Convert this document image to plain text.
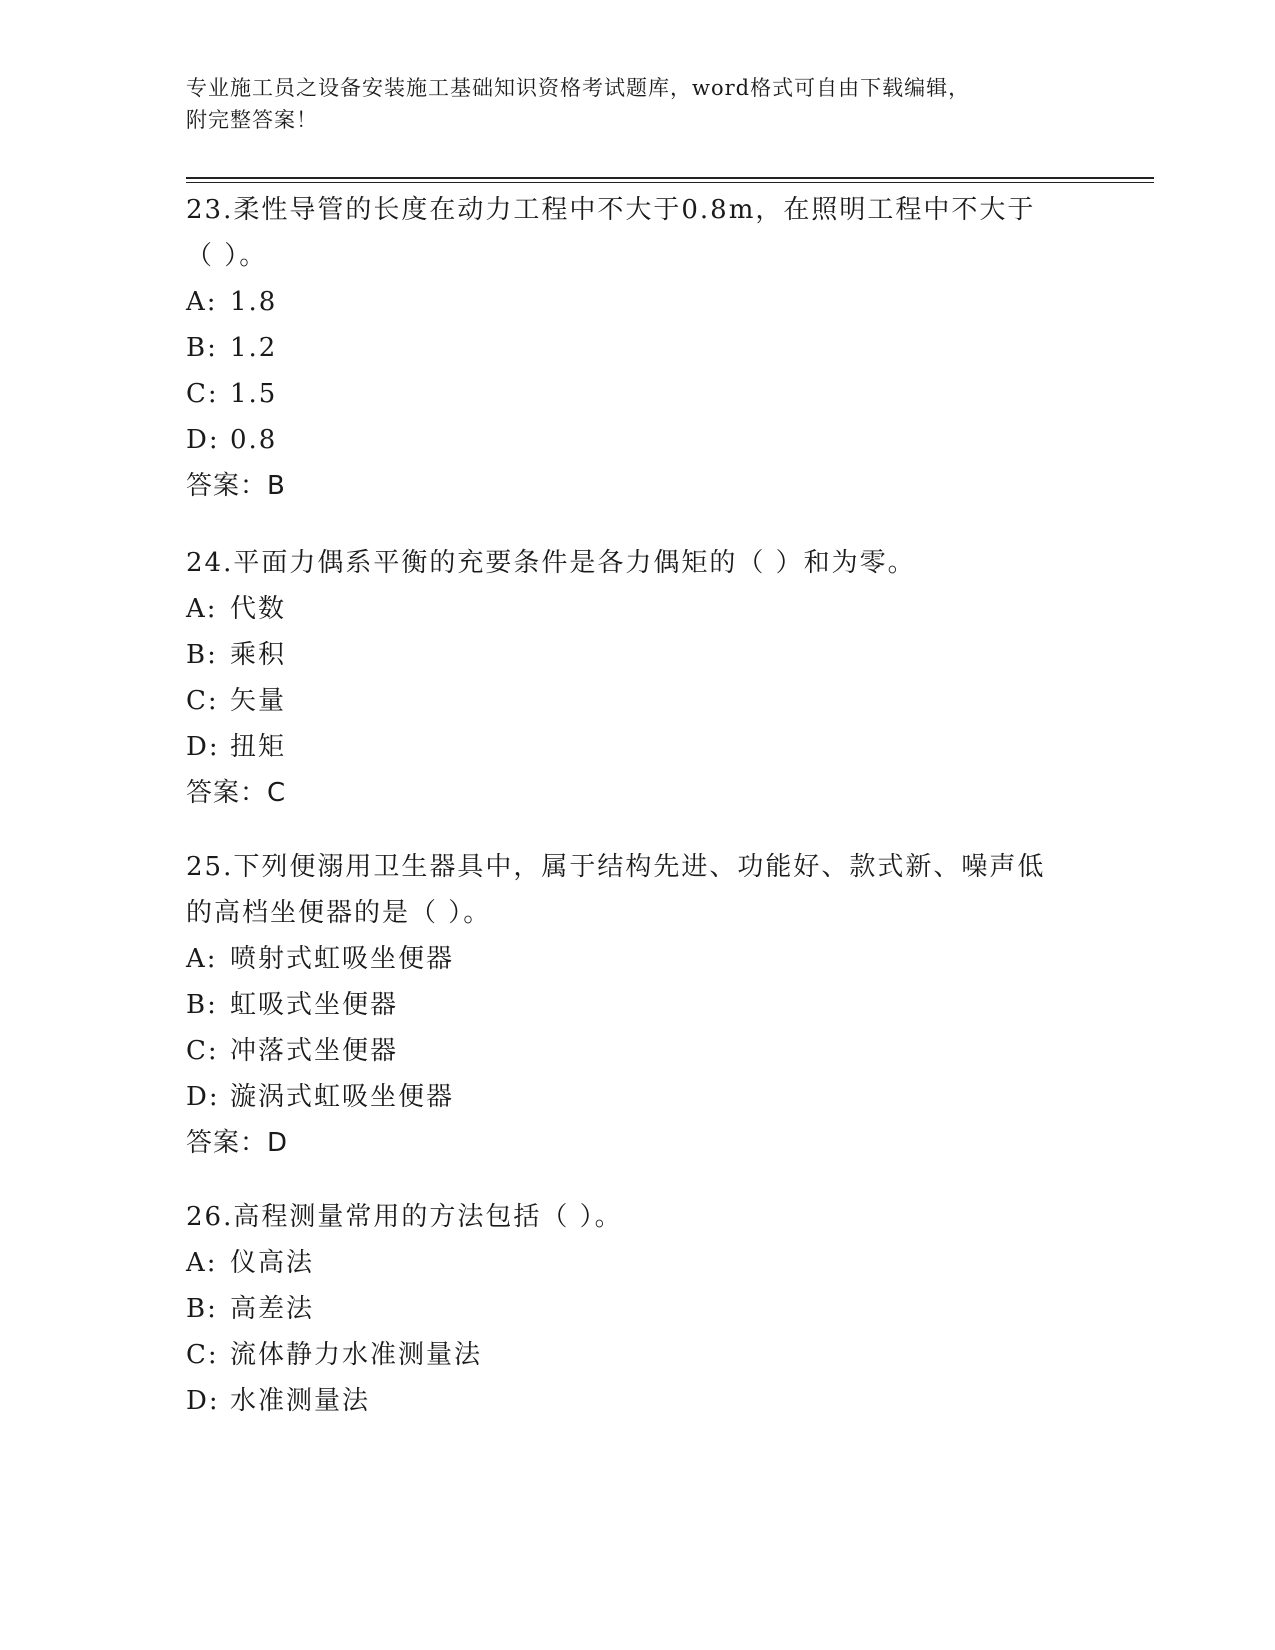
专业施工员之设备安装施工基础知识资格考试题库，word格式可自由下载编辑，
附完整答案！

23.柔性导管的长度在动力工程中不大于0.8m，在照明工程中不大于（ ）。

A: 1.8

B: 1.2

C: 1.5

D: 0.8

答案：B

24.平面力偶系平衡的充要条件是各力偶矩的（ ）和为零。

A: 代数

B: 乘积

C: 矢量

D: 扭矩

答案：C

25.下列便溺用卫生器具中，属于结构先进、功能好、款式新、噪声低的高档坐便器的是（ ）。

A: 喷射式虹吸坐便器

B: 虹吸式坐便器

C: 冲落式坐便器

D: 漩涡式虹吸坐便器

答案：D

26.高程测量常用的方法包括（ ）。

A: 仪高法

B: 高差法

C: 流体静力水准测量法

D: 水准测量法
